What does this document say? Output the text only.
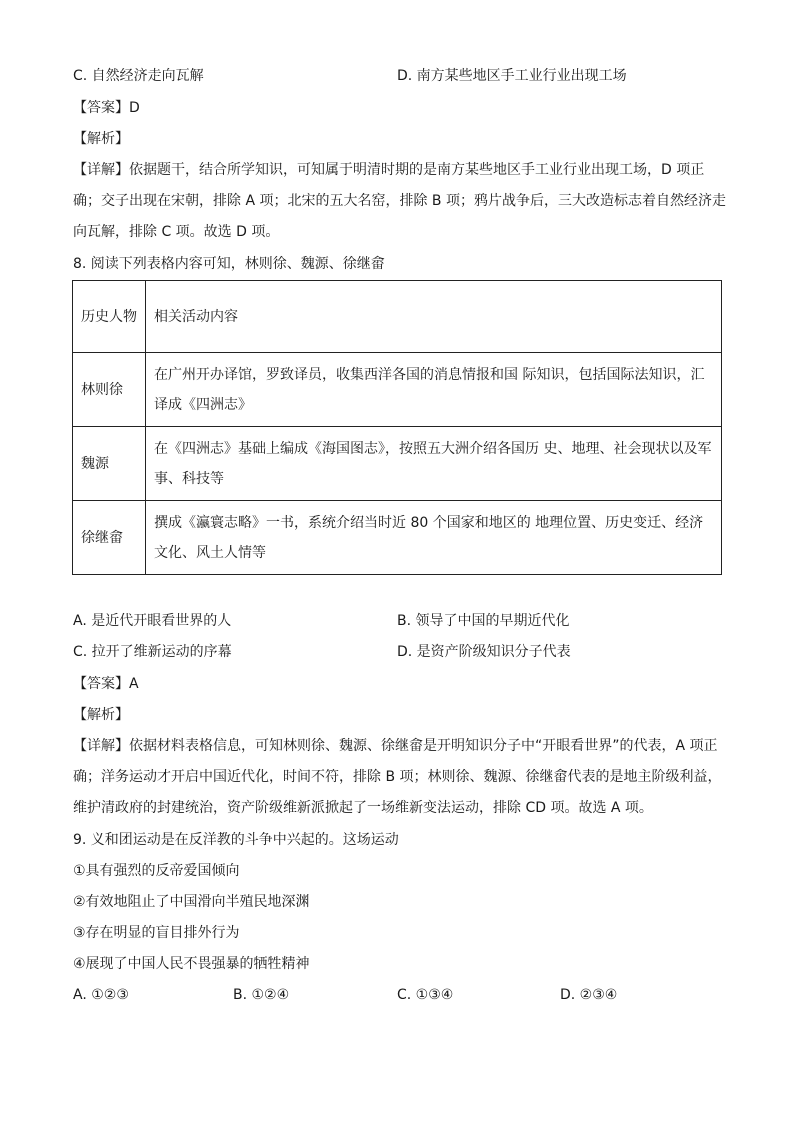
C. 自然经济走向瓦解	D. 南方某些地区手工业行业出现工场
【答案】D
【解析】
【详解】依据题干，结合所学知识，可知属于明清时期的是南方某些地区手工业行业出现工场，D 项正
确；交子出现在宋朝，排除 A 项；北宋的五大名窑，排除 B 项；鸦片战争后，三大改造标志着自然经济走
向瓦解，排除 C 项。故选 D 项。
8. 阅读下列表格内容可知，林则徐、魏源、徐继畲
历史人物	相关活动内容
林则徐	在广州开办译馆，罗致译员，收集西洋各国的消息情报和国 际知识，包括国际法知识，汇译成《四洲志》
魏源	在《四洲志》基础上编成《海国图志》，按照五大洲介绍各国历 史、地理、社会现状以及军事、科技等
徐继畲	撰成《瀛寰志略》一书，系统介绍当时近 80 个国家和地区的 地理位置、历史变迁、经济文化、风土人情等
A. 是近代开眼看世界的人	B. 领导了中国的早期近代化
C. 拉开了维新运动的序幕	D. 是资产阶级知识分子代表
【答案】A
【解析】
【详解】依据材料表格信息，可知林则徐、魏源、徐继畲是开明知识分子中“开眼看世界”的代表，A 项正
确；洋务运动才开启中国近代化，时间不符，排除 B 项；林则徐、魏源、徐继畲代表的是地主阶级利益，
维护清政府的封建统治，资产阶级维新派掀起了一场维新变法运动，排除 CD 项。故选 A 项。
9. 义和团运动是在反洋教的斗争中兴起的。这场运动
①具有强烈的反帝爱国倾向
②有效地阻止了中国滑向半殖民地深渊
③存在明显的盲目排外行为
④展现了中国人民不畏强暴的牺牲精神
A. ①②③	B. ①②④	C. ①③④	D. ②③④
